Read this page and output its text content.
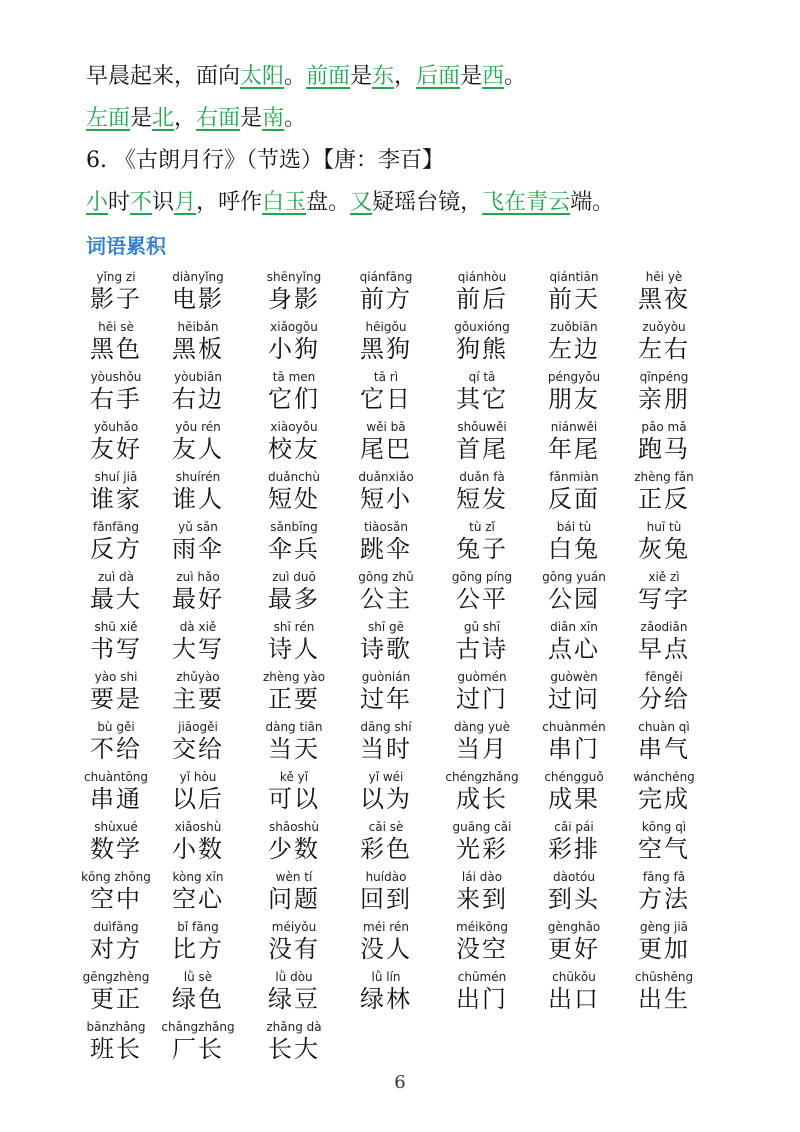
早晨起来，面向太阳。前面是东，后面是西。
左面是北，右面是南。
6. 《古朗月行》（节选）【唐：李百】
小时不识月，呼作白玉盘。又疑瑶台镜，飞在青云端。
词语累积
yǐng zi
影子
diànyǐng
电影
shēnyǐng
身影
qiánfāng
前方
qiánhòu
前后
qiántiān
前天
hēi yè
黑夜
hēi sè
黑色
hēibǎn
黑板
xiǎogǒu
小狗
hēigǒu
黑狗
gǒuxióng
狗熊
zuǒbiān
左边
zuǒyòu
左右
yòushǒu
右手
yòubiān
右边
tā men
它们
tā rì
它日
qí tā
其它
péngyǒu
朋友
qīnpéng
亲朋
yǒuhǎo
友好
yǒu rén
友人
xiàoyǒu
校友
wěi bā
尾巴
shǒuwěi
首尾
niánwěi
年尾
pǎo mǎ
跑马
shuí jiā
谁家
shuírén
谁人
duǎnchù
短处
duǎnxiǎo
短小
duǎn fà
短发
fǎnmiàn
反面
zhèng fǎn
正反
fǎnfāng
反方
yǔ sǎn
雨伞
sǎnbīng
伞兵
tiàosǎn
跳伞
tù zǐ
兔子
bái tù
白兔
huī tù
灰兔
zuì dà
最大
zuì hǎo
最好
zuì duō
最多
gōng zhǔ
公主
gōng píng
公平
gōng yuán
公园
xiě zì
写字
shū xiě
书写
dà xiě
大写
shī rén
诗人
shī gē
诗歌
gǔ shī
古诗
diǎn xīn
点心
zǎodiǎn
早点
yào shi
要是
zhǔyào
主要
zhèng yào
正要
guònián
过年
guòmén
过门
guòwèn
过问
fēngěi
分给
bù gěi
不给
jiāogěi
交给
dàng tiān
当天
dāng shí
当时
dàng yuè
当月
chuànmén
串门
chuàn qì
串气
chuàntōng
串通
yǐ hòu
以后
kě yǐ
可以
yǐ wéi
以为
chéngzhǎng
成长
chéngguǒ
成果
wánchéng
完成
shùxué
数学
xiǎoshù
小数
shǎoshù
少数
cǎi sè
彩色
guāng cǎi
光彩
cǎi pái
彩排
kōng qì
空气
kōng zhōng
空中
kòng xīn
空心
wèn tí
问题
huídào
回到
lái dào
来到
dàotóu
到头
fāng fǎ
方法
duìfāng
对方
bǐ fāng
比方
méiyǒu
没有
méi rén
没人
méikōng
没空
gènghǎo
更好
gèng jiā
更加
gēngzhèng
更正
lǜ sè
绿色
lǜ dòu
绿豆
lǜ lín
绿林
chūmén
出门
chūkǒu
出口
chūshēng
出生
bānzhǎng
班长
chǎngzhǎng
厂长
zhǎng dà
长大
6
